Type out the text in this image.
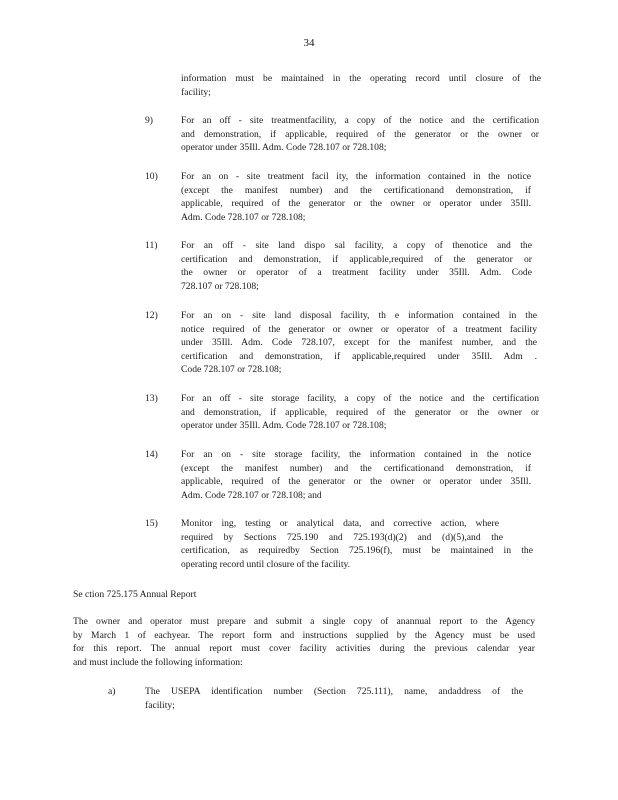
34
information must be maintained in the operating record until closure of the
facility;
9)	For an off - site treatmentfacility, a copy of the notice and the certification
and demonstration, if applicable, required of the generator or the owner or
operator under 35Ill. Adm. Code 728.107 or 728.108;
10) For an on - site treatment facil ity, the information contained in the notice
(except the manifest number) and the certificationand demonstration, if
applicable, required of the generator or the owner or operator under 35Ill.
Adm. Code 728.107 or 728.108;
11) For an off - site land dispo sal facility, a copy of thenotice and the
certification and demonstration, if applicable,required of the generator or
the owner or operator of a treatment facility under 35Ill. Adm. Code
728.107 or 728.108;
12) For an on - site land disposal facility, th e information contained in the
notice required of the generator or owner or operator of a treatment facility
under 35Ill. Adm. Code 728.107, except for the manifest number, and the
certification and demonstration, if applicable,required under 35Ill. Adm .
Code 728.107 or 728.108;
13) For an off - site storage facility, a copy of the notice and the certification
and demonstration, if applicable, required of the generator or the owner or
operator under 35Ill. Adm. Code 728.107 or 728.108;
14) For an on - site storage facility, the information contained in the notice
(except the manifest number) and the certificationand demonstration, if
applicable, required of the generator or the owner or operator under 35Ill.
Adm. Code 728.107 or 728.108; and
15) Monitor ing, testing or analytical data, and corrective action, where
required by Sections 725.190 and 725.193(d)(2) and (d)(5),and the
certification, as requiredby Section 725.196(f), must be maintained in the
operating record until closure of the facility.
Se ction 725.175 Annual Report
The owner and operator must prepare and submit a single copy of anannual report to the Agency
by March 1 of eachyear. The report form and instructions supplied by the Agency must be used
for this report. The annual report must cover facility activities during the previous calendar year
and must include the following information:
a)	The USEPA identification number (Section 725.111), name, andaddress of the
facility;
